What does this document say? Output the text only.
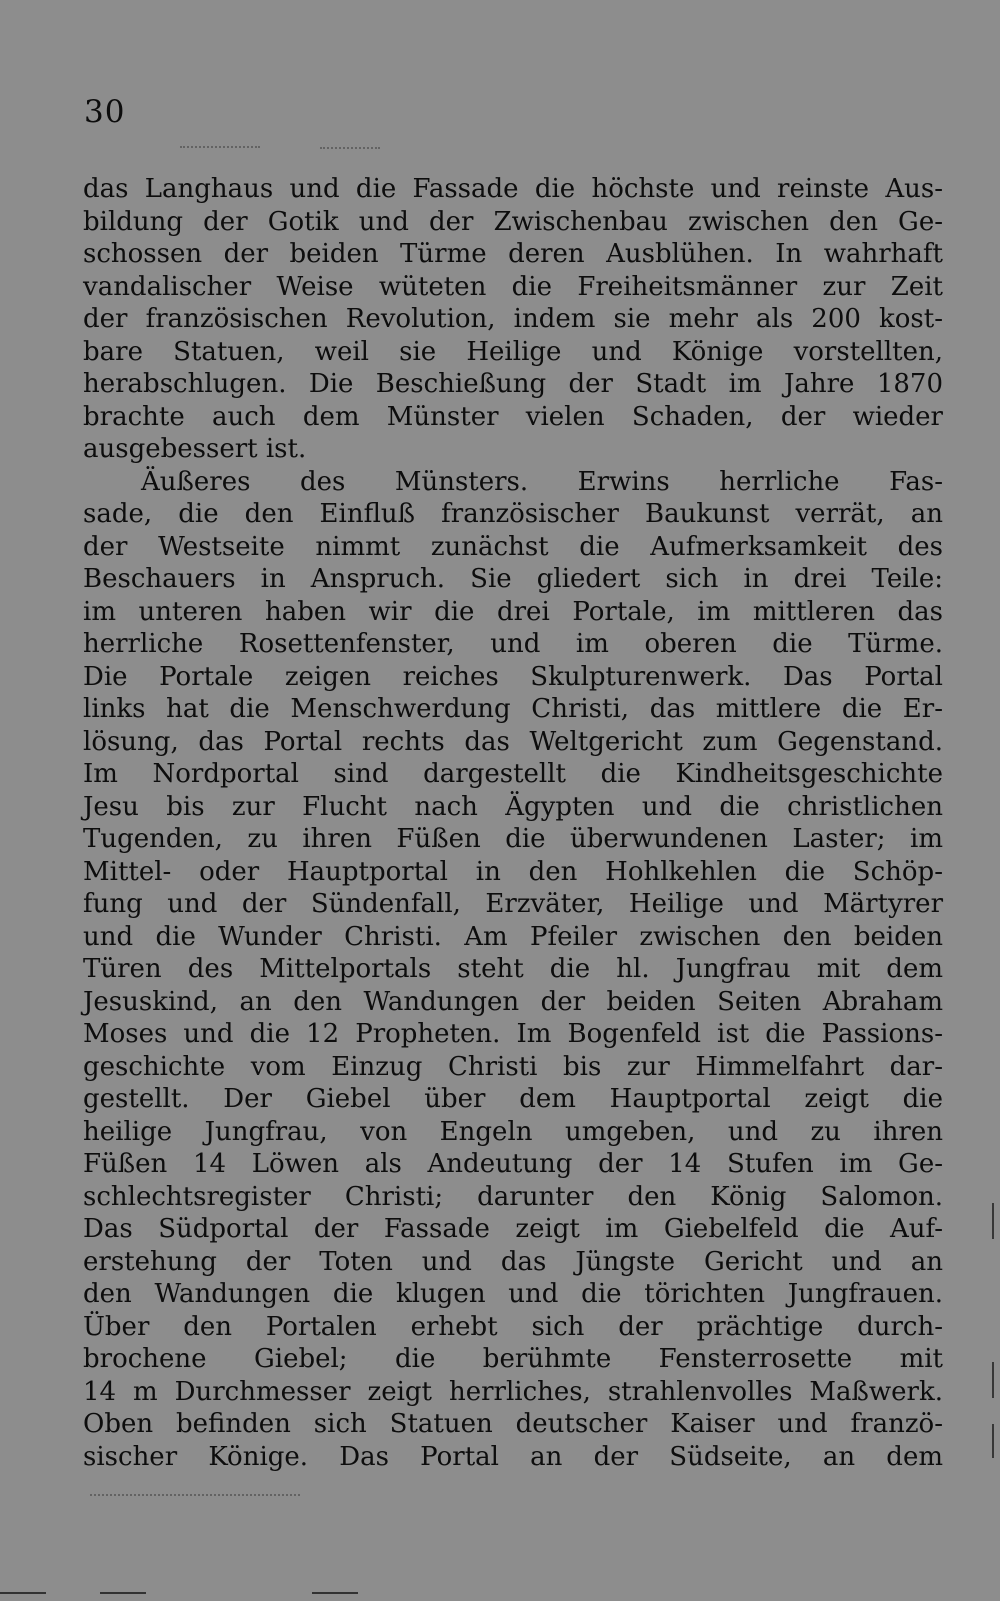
30
das Langhaus und die Fassade die höchste und reinste Aus-
bildung der Gotik und der Zwischenbau zwischen den Ge-
schossen der beiden Türme deren Ausblühen. In wahrhaft
vandalischer Weise wüteten die Freiheitsmänner zur Zeit
der französischen Revolution, indem sie mehr als 200 kost-
bare Statuen, weil sie Heilige und Könige vorstellten,
herabschlugen. Die Beschießung der Stadt im Jahre 1870
brachte auch dem Münster vielen Schaden, der wieder
ausgebessert ist.
Äußeres des Münsters. Erwins herrliche Fas-
sade, die den Einfluß französischer Baukunst verrät, an
der Westseite nimmt zunächst die Aufmerksamkeit des
Beschauers in Anspruch. Sie gliedert sich in drei Teile:
im unteren haben wir die drei Portale, im mittleren das
herrliche Rosettenfenster, und im oberen die Türme.
Die Portale zeigen reiches Skulpturenwerk. Das Portal
links hat die Menschwerdung Christi, das mittlere die Er-
lösung, das Portal rechts das Weltgericht zum Gegenstand.
Im Nordportal sind dargestellt die Kindheitsgeschichte
Jesu bis zur Flucht nach Ägypten und die christlichen
Tugenden, zu ihren Füßen die überwundenen Laster; im
Mittel- oder Hauptportal in den Hohlkehlen die Schöp-
fung und der Sündenfall, Erzväter, Heilige und Märtyrer
und die Wunder Christi. Am Pfeiler zwischen den beiden
Türen des Mittelportals steht die hl. Jungfrau mit dem
Jesuskind, an den Wandungen der beiden Seiten Abraham
Moses und die 12 Propheten. Im Bogenfeld ist die Passions-
geschichte vom Einzug Christi bis zur Himmelfahrt dar-
gestellt. Der Giebel über dem Hauptportal zeigt die
heilige Jungfrau, von Engeln umgeben, und zu ihren
Füßen 14 Löwen als Andeutung der 14 Stufen im Ge-
schlechtsregister Christi; darunter den König Salomon.
Das Südportal der Fassade zeigt im Giebelfeld die Auf-
erstehung der Toten und das Jüngste Gericht und an
den Wandungen die klugen und die törichten Jungfrauen.
Über den Portalen erhebt sich der prächtige durch-
brochene Giebel; die berühmte Fensterrosette mit
14 m Durchmesser zeigt herrliches, strahlenvolles Maßwerk.
Oben befinden sich Statuen deutscher Kaiser und franzö-
sischer Könige. Das Portal an der Südseite, an dem
